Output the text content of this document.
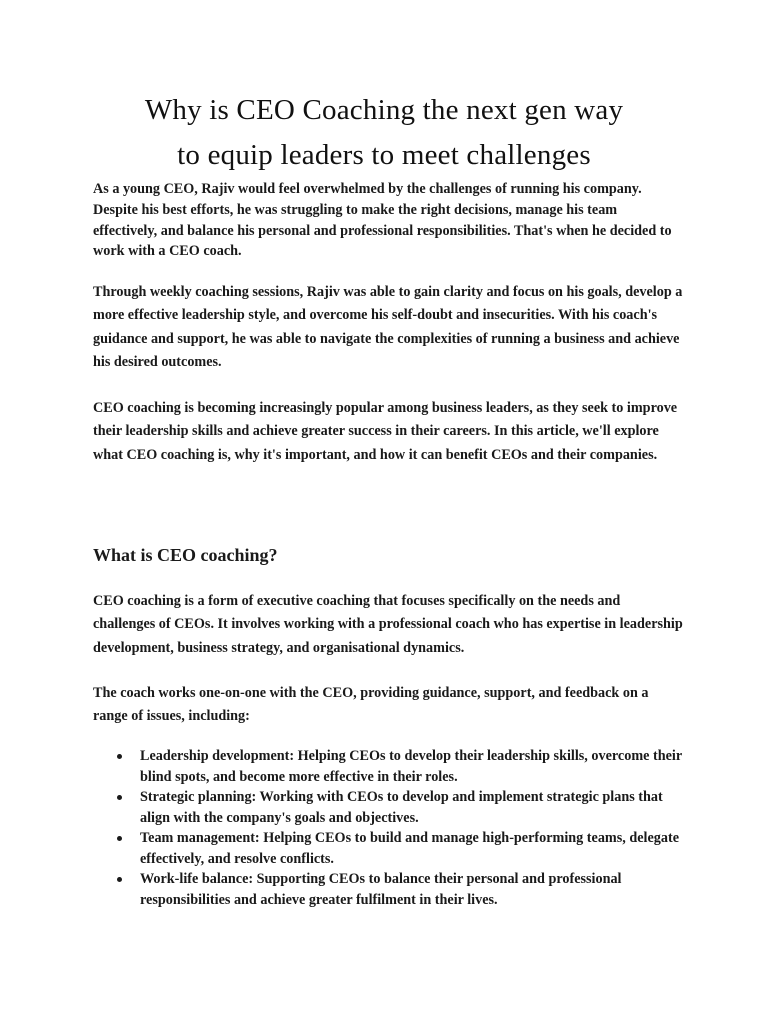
Why is CEO Coaching the next gen way
to equip leaders to meet challenges

As a young CEO, Rajiv would feel overwhelmed by the challenges of running his company. Despite his best efforts, he was struggling to make the right decisions, manage his team effectively, and balance his personal and professional responsibilities. That's when he decided to work with a CEO coach.

Through weekly coaching sessions, Rajiv was able to gain clarity and focus on his goals, develop a more effective leadership style, and overcome his self-doubt and insecurities. With his coach's guidance and support, he was able to navigate the complexities of running a business and achieve his desired outcomes.

CEO coaching is becoming increasingly popular among business leaders, as they seek to improve their leadership skills and achieve greater success in their careers. In this article, we'll explore what CEO coaching is, why it's important, and how it can benefit CEOs and their companies.

What is CEO coaching?

CEO coaching is a form of executive coaching that focuses specifically on the needs and challenges of CEOs. It involves working with a professional coach who has expertise in leadership development, business strategy, and organisational dynamics.

The coach works one-on-one with the CEO, providing guidance, support, and feedback on a range of issues, including:

Leadership development: Helping CEOs to develop their leadership skills, overcome their blind spots, and become more effective in their roles.
Strategic planning: Working with CEOs to develop and implement strategic plans that align with the company's goals and objectives.
Team management: Helping CEOs to build and manage high-performing teams, delegate effectively, and resolve conflicts.
Work-life balance: Supporting CEOs to balance their personal and professional responsibilities and achieve greater fulfilment in their lives.
